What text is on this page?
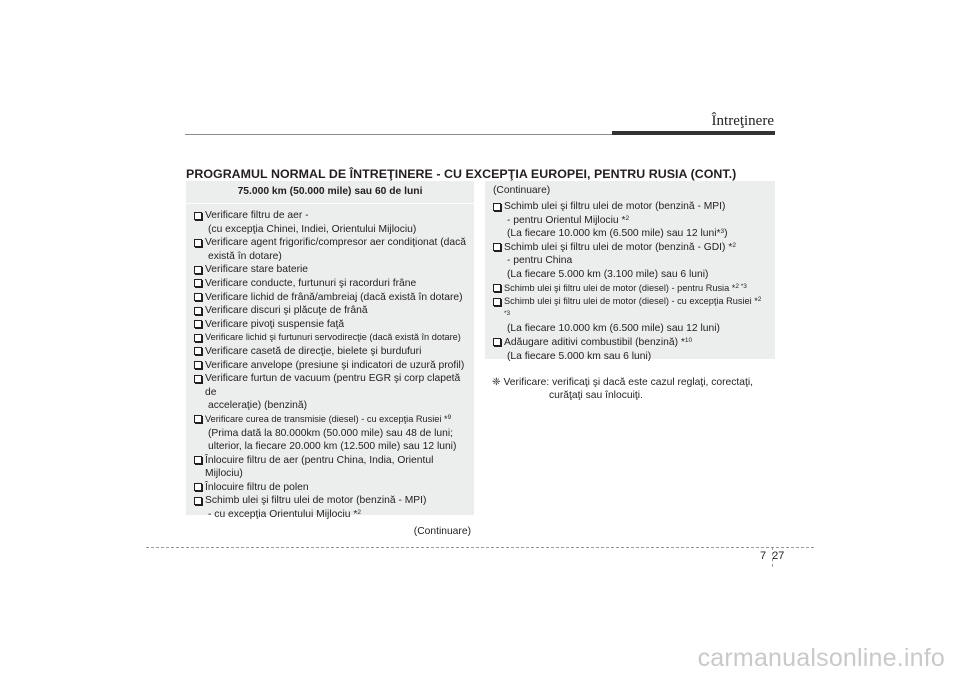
Întreţinere
PROGRAMUL NORMAL DE ÎNTREŢINERE - CU EXCEPŢIA EUROPEI, PENTRU RUSIA (CONT.)
75.000 km (50.000 mile) sau 60 de luni
Verificare filtru de aer -
(cu excepţia Chinei, Indiei, Orientului Mijlociu)
Verificare agent frigorific/compresor aer condiţionat (dacă
există în dotare)
Verificare stare baterie
Verificare conducte, furtunuri şi racorduri frâne
Verificare lichid de frână/ambreiaj (dacă există în dotare)
Verificare discuri şi plăcuţe de frână
Verificare pivoţi suspensie faţă
Verificare lichid şi furtunuri servodirecţie (dacă există în dotare)
Verificare casetă de direcţie, bielete şi burdufuri
Verificare anvelope (presiune şi indicatori de uzură profil)
Verificare furtun de vacuum (pentru EGR şi corp clapetă de
acceleraţie) (benzină)
Verificare curea de transmisie (diesel) - cu excepţia Rusiei *$^9$
(Prima dată la 80.000km (50.000 mile) sau 48 de luni;
ulterior, la fiecare 20.000 km (12.500 mile) sau 12 luni)
Înlocuire filtru de aer (pentru China, India, Orientul Mijlociu)
Înlocuire filtru de polen
Schimb ulei şi filtru ulei de motor (benzină - MPI)
- cu excepţia Orientului Mijlociu *$^2$
(Continuare)
(Continuare)
Schimb ulei şi filtru ulei de motor (benzină - MPI)
- pentru Orientul Mijlociu *$^2$
(La fiecare 10.000 km (6.500 mile) sau 12 luni*$^3$)
Schimb ulei şi filtru ulei de motor (benzină - GDI) *$^2$
- pentru China
(La fiecare 5.000 km (3.100 mile) sau 6 luni)
Schimb ulei şi filtru ulei de motor (diesel) - pentru Rusia *$^{2 *3}$
Schimb ulei şi filtru ulei de motor (diesel) - cu excepţia Rusiei *$^{2 *3}$
(La fiecare 10.000 km (6.500 mile) sau 12 luni)
Adăugare aditivi combustibil (benzină) *$^{10}$
(La fiecare 5.000 km sau 6 luni)
❈ Verificare: verificaţi şi dacă este cazul reglaţi, corectaţi,
curăţaţi sau înlocuiţi.
7 27
carmanualsonline.info
